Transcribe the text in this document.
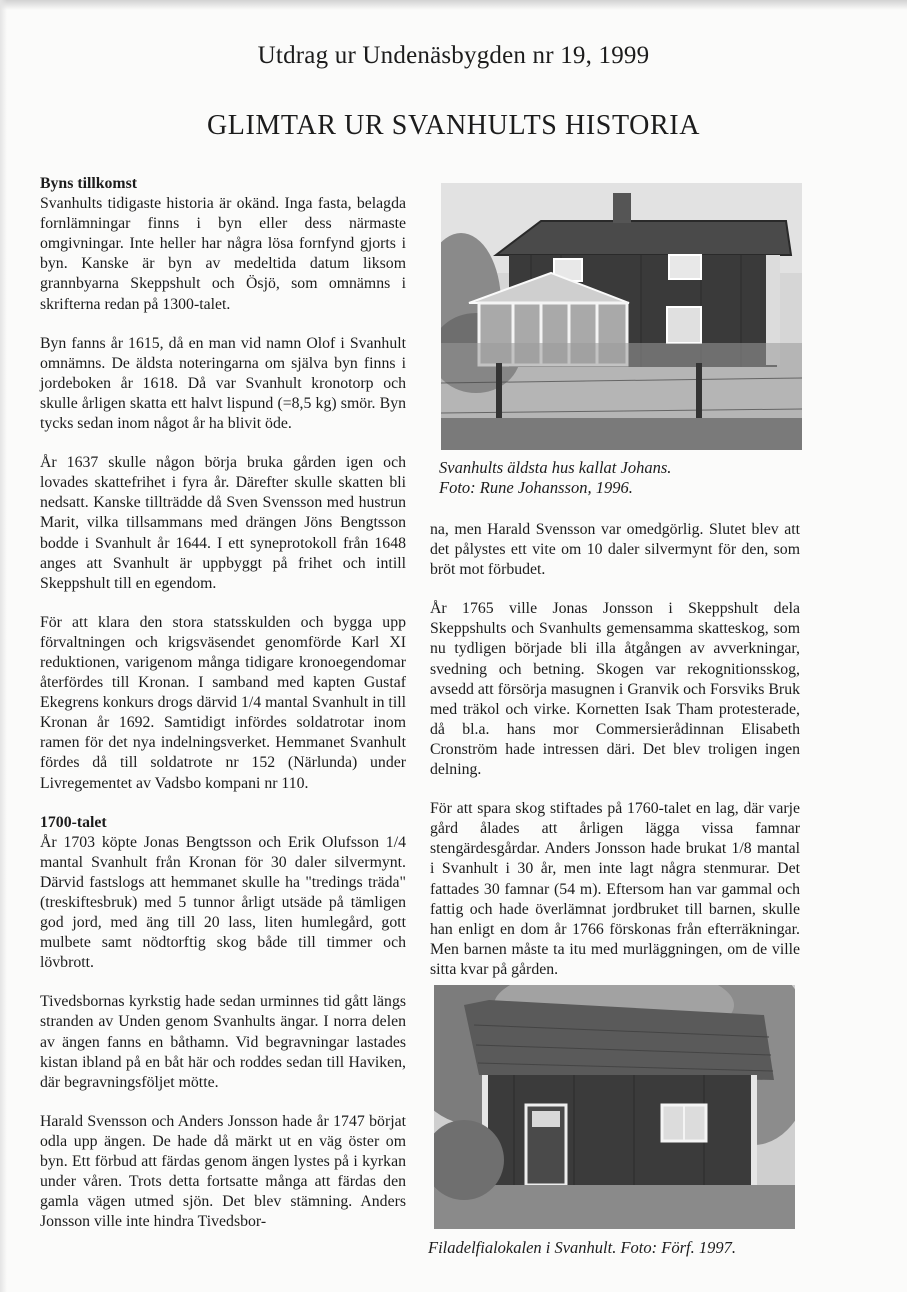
Utdrag ur Undenäsbygden nr 19, 1999
GLIMTAR UR SVANHULTS HISTORIA
Byns tillkomst

Svanhults tidigaste historia är okänd. Inga fasta, belagda fornlämningar finns i byn eller dess närmaste omgivningar. Inte heller har några lösa fornfynd gjorts i byn. Kanske är byn av medeltida datum liksom grannbyarna Skeppshult och Ösjö, som omnämns i skrifterna redan på 1300-talet.

Byn fanns år 1615, då en man vid namn Olof i Svanhult omnämns. De äldsta noteringarna om själva byn finns i jordeboken år 1618. Då var Svanhult kronotorp och skulle årligen skatta ett halvt lispund (=8,5 kg) smör. Byn tycks sedan inom något år ha blivit öde.

År 1637 skulle någon börja bruka gården igen och lovades skattefrihet i fyra år. Därefter skulle skatten bli nedsatt. Kanske tillträdde då Sven Svensson med hustrun Marit, vilka tillsammans med drängen Jöns Bengtsson bodde i Svanhult år 1644. I ett syneprotokoll från 1648 anges att Svanhult är uppbyggt på frihet och intill Skeppshult till en egendom.

För att klara den stora statsskulden och bygga upp förvaltningen och krigsväsendet genomförde Karl XI reduktionen, varigenom många tidigare kronoegendomar återfördes till Kronan. I samband med kapten Gustaf Ekegrens konkurs drogs därvid 1/4 mantal Svanhult in till Kronan år 1692. Samtidigt infördes soldatrotar inom ramen för det nya indelningsverket. Hemmanet Svanhult fördes då till soldatrote nr 152 (Närlunda) under Livregementet av Vadsbo kompani nr 110.

1700-talet

År 1703 köpte Jonas Bengtsson och Erik Olufsson 1/4 mantal Svanhult från Kronan för 30 daler silvermynt. Därvid fastslogs att hemmanet skulle ha "tredings träda" (treskiftesbruk) med 5 tunnor årligt utsäde på tämligen god jord, med äng till 20 lass, liten humlegård, gott mulbete samt nödtorftig skog både till timmer och lövbrott.

Tivedsbornas kyrkstig hade sedan urminnes tid gått längs stranden av Unden genom Svanhults ängar. I norra delen av ängen fanns en båthamn. Vid begravningar lastades kistan ibland på en båt här och roddes sedan till Haviken, där begravningsföljet mötte.

Harald Svensson och Anders Jonsson hade år 1747 börjat odla upp ängen. De hade då märkt ut en väg öster om byn. Ett förbud att färdas genom ängen lystes på i kyrkan under våren. Trots detta fortsatte många att färdas den gamla vägen utmed sjön. Det blev stämning. Anders Jonsson ville inte hindra Tivedsbor-

na, men Harald Svensson var omedgörlig. Slutet blev att det pålystes ett vite om 10 daler silvermynt för den, som bröt mot förbudet.

År 1765 ville Jonas Jonsson i Skeppshult dela Skeppshults och Svanhults gemensamma skatteskog, som nu tydligen började bli illa åtgången av avverkningar, svedning och betning. Skogen var rekognitionsskog, avsedd att försörja masugnen i Granvik och Forsviks Bruk med träkol och virke. Kornetten Isak Tham protesterade, då bl.a. hans mor Commersierådinnan Elisabeth Cronström hade intressen däri. Det blev troligen ingen delning.

För att spara skog stiftades på 1760-talet en lag, där varje gård ålades att årligen lägga vissa famnar stengärdesgårdar. Anders Jonsson hade brukat 1/8 mantal i Svanhult i 30 år, men inte lagt några stenmurar. Det fattades 30 famnar (54 m). Eftersom han var gammal och fattig och hade överlämnat jordbruket till barnen, skulle han enligt en dom år 1766 förskonas från efterräkningar. Men barnen måste ta itu med murläggningen, om de ville sitta kvar på gården.

Svanhults äldsta hus kallat Johans.
Foto: Rune Johansson, 1996.
Filadelfialokalen i Svanhult. Foto: Förf. 1997.
